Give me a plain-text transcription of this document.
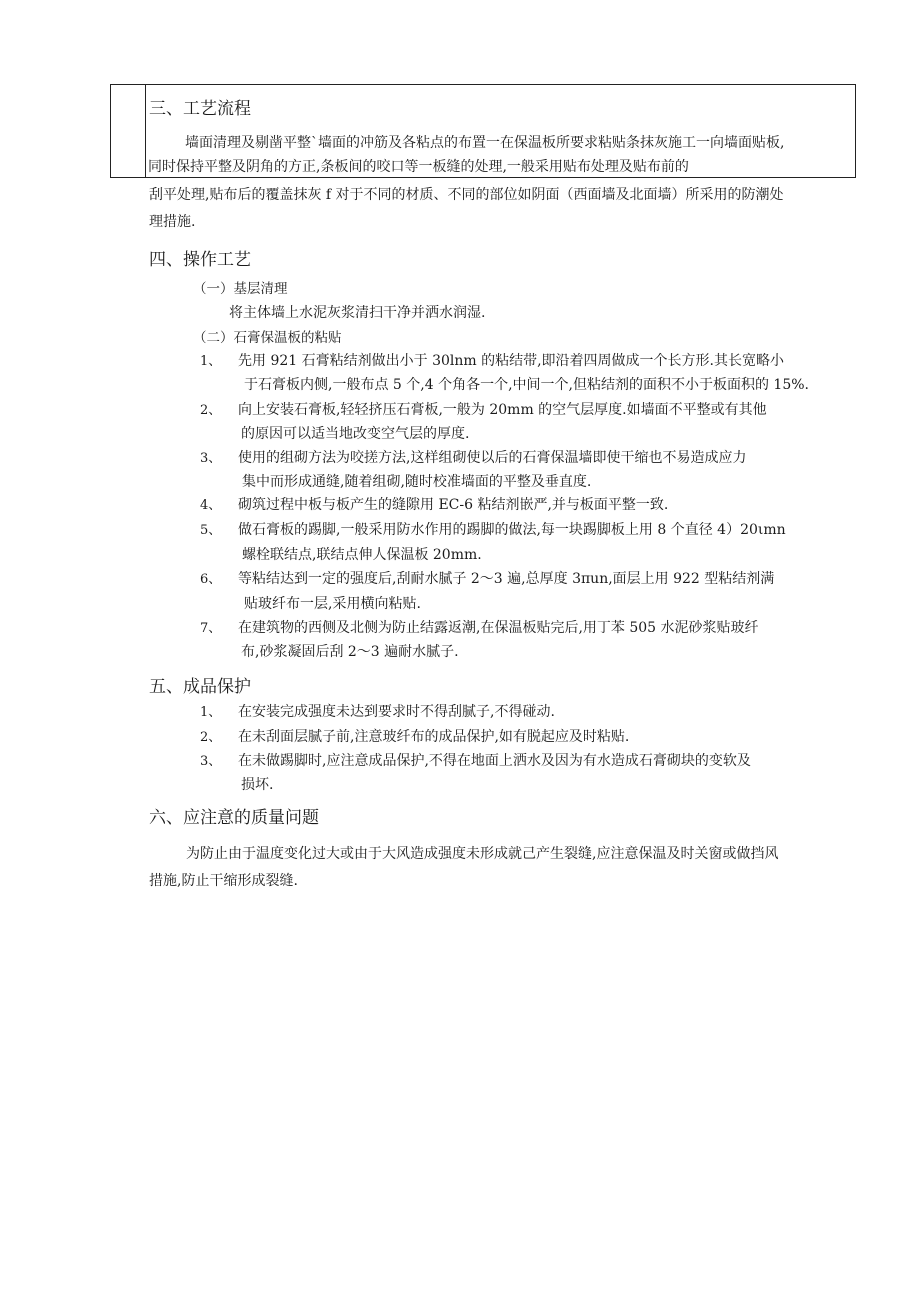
三、工艺流程
墙面清理及剔凿平整`墙面的冲筋及各粘点的布置一在保温板所要求粘贴条抹灰施工一向墙面贴板,
同时保持平整及阴角的方正,条板间的咬口等一板缝的处理,一般采用贴布处理及贴布前的
刮平处理,贴布后的覆盖抹灰 f 对于不同的材质、不同的部位如阴面（西面墙及北面墙）所采用的防潮处
理措施.
四、操作工艺
（一）基层清理
将主体墙上水泥灰浆清扫干净并洒水润湿.
（二）石膏保温板的粘贴
1、 先用 921 石膏粘结剂做出小于 30lnm 的粘结带,即沿着四周做成一个长方形.其长宽略小
于石膏板内侧,一般布点 5 个,4 个角各一个,中间一个,但粘结剂的面积不小于板面积的 15%.
2、 向上安装石膏板,轻轻挤压石膏板,一般为 20mm 的空气层厚度.如墙面不平整或有其他
的原因可以适当地改变空气层的厚度.
3、 使用的组砌方法为咬搓方法,这样组砌使以后的石膏保温墙即使干缩也不易造成应力
集中而形成通缝,随着组砌,随时校准墙面的平整及垂直度.
4、 砌筑过程中板与板产生的缝隙用 EC-6 粘结剂嵌严,并与板面平整一致.
5、 做石膏板的踢脚,一般采用防水作用的踢脚的做法,每一块踢脚板上用 8 个直径 4）20ιmn
螺栓联结点,联结点伸人保温板 20mm.
6、 等粘结达到一定的强度后,刮耐水腻子 2～3 遍,总厚度 3πun,面层上用 922 型粘结剂满
贴玻纤布一层,采用横向粘贴.
7、 在建筑物的西侧及北侧为防止结露返潮,在保温板贴完后,用丁苯 505 水泥砂浆贴玻纤
布,砂浆凝固后刮 2～3 遍耐水腻子.
五、成品保护
1、 在安装完成强度未达到要求时不得刮腻子,不得碰动.
2、 在未刮面层腻子前,注意玻纤布的成品保护,如有脱起应及时粘贴.
3、 在未做踢脚时,应注意成品保护,不得在地面上洒水及因为有水造成石膏砌块的变软及
损坏.
六、应注意的质量问题
为防止由于温度变化过大或由于大风造成强度未形成就己产生裂缝,应注意保温及时关窗或做挡风
措施,防止干缩形成裂缝.
